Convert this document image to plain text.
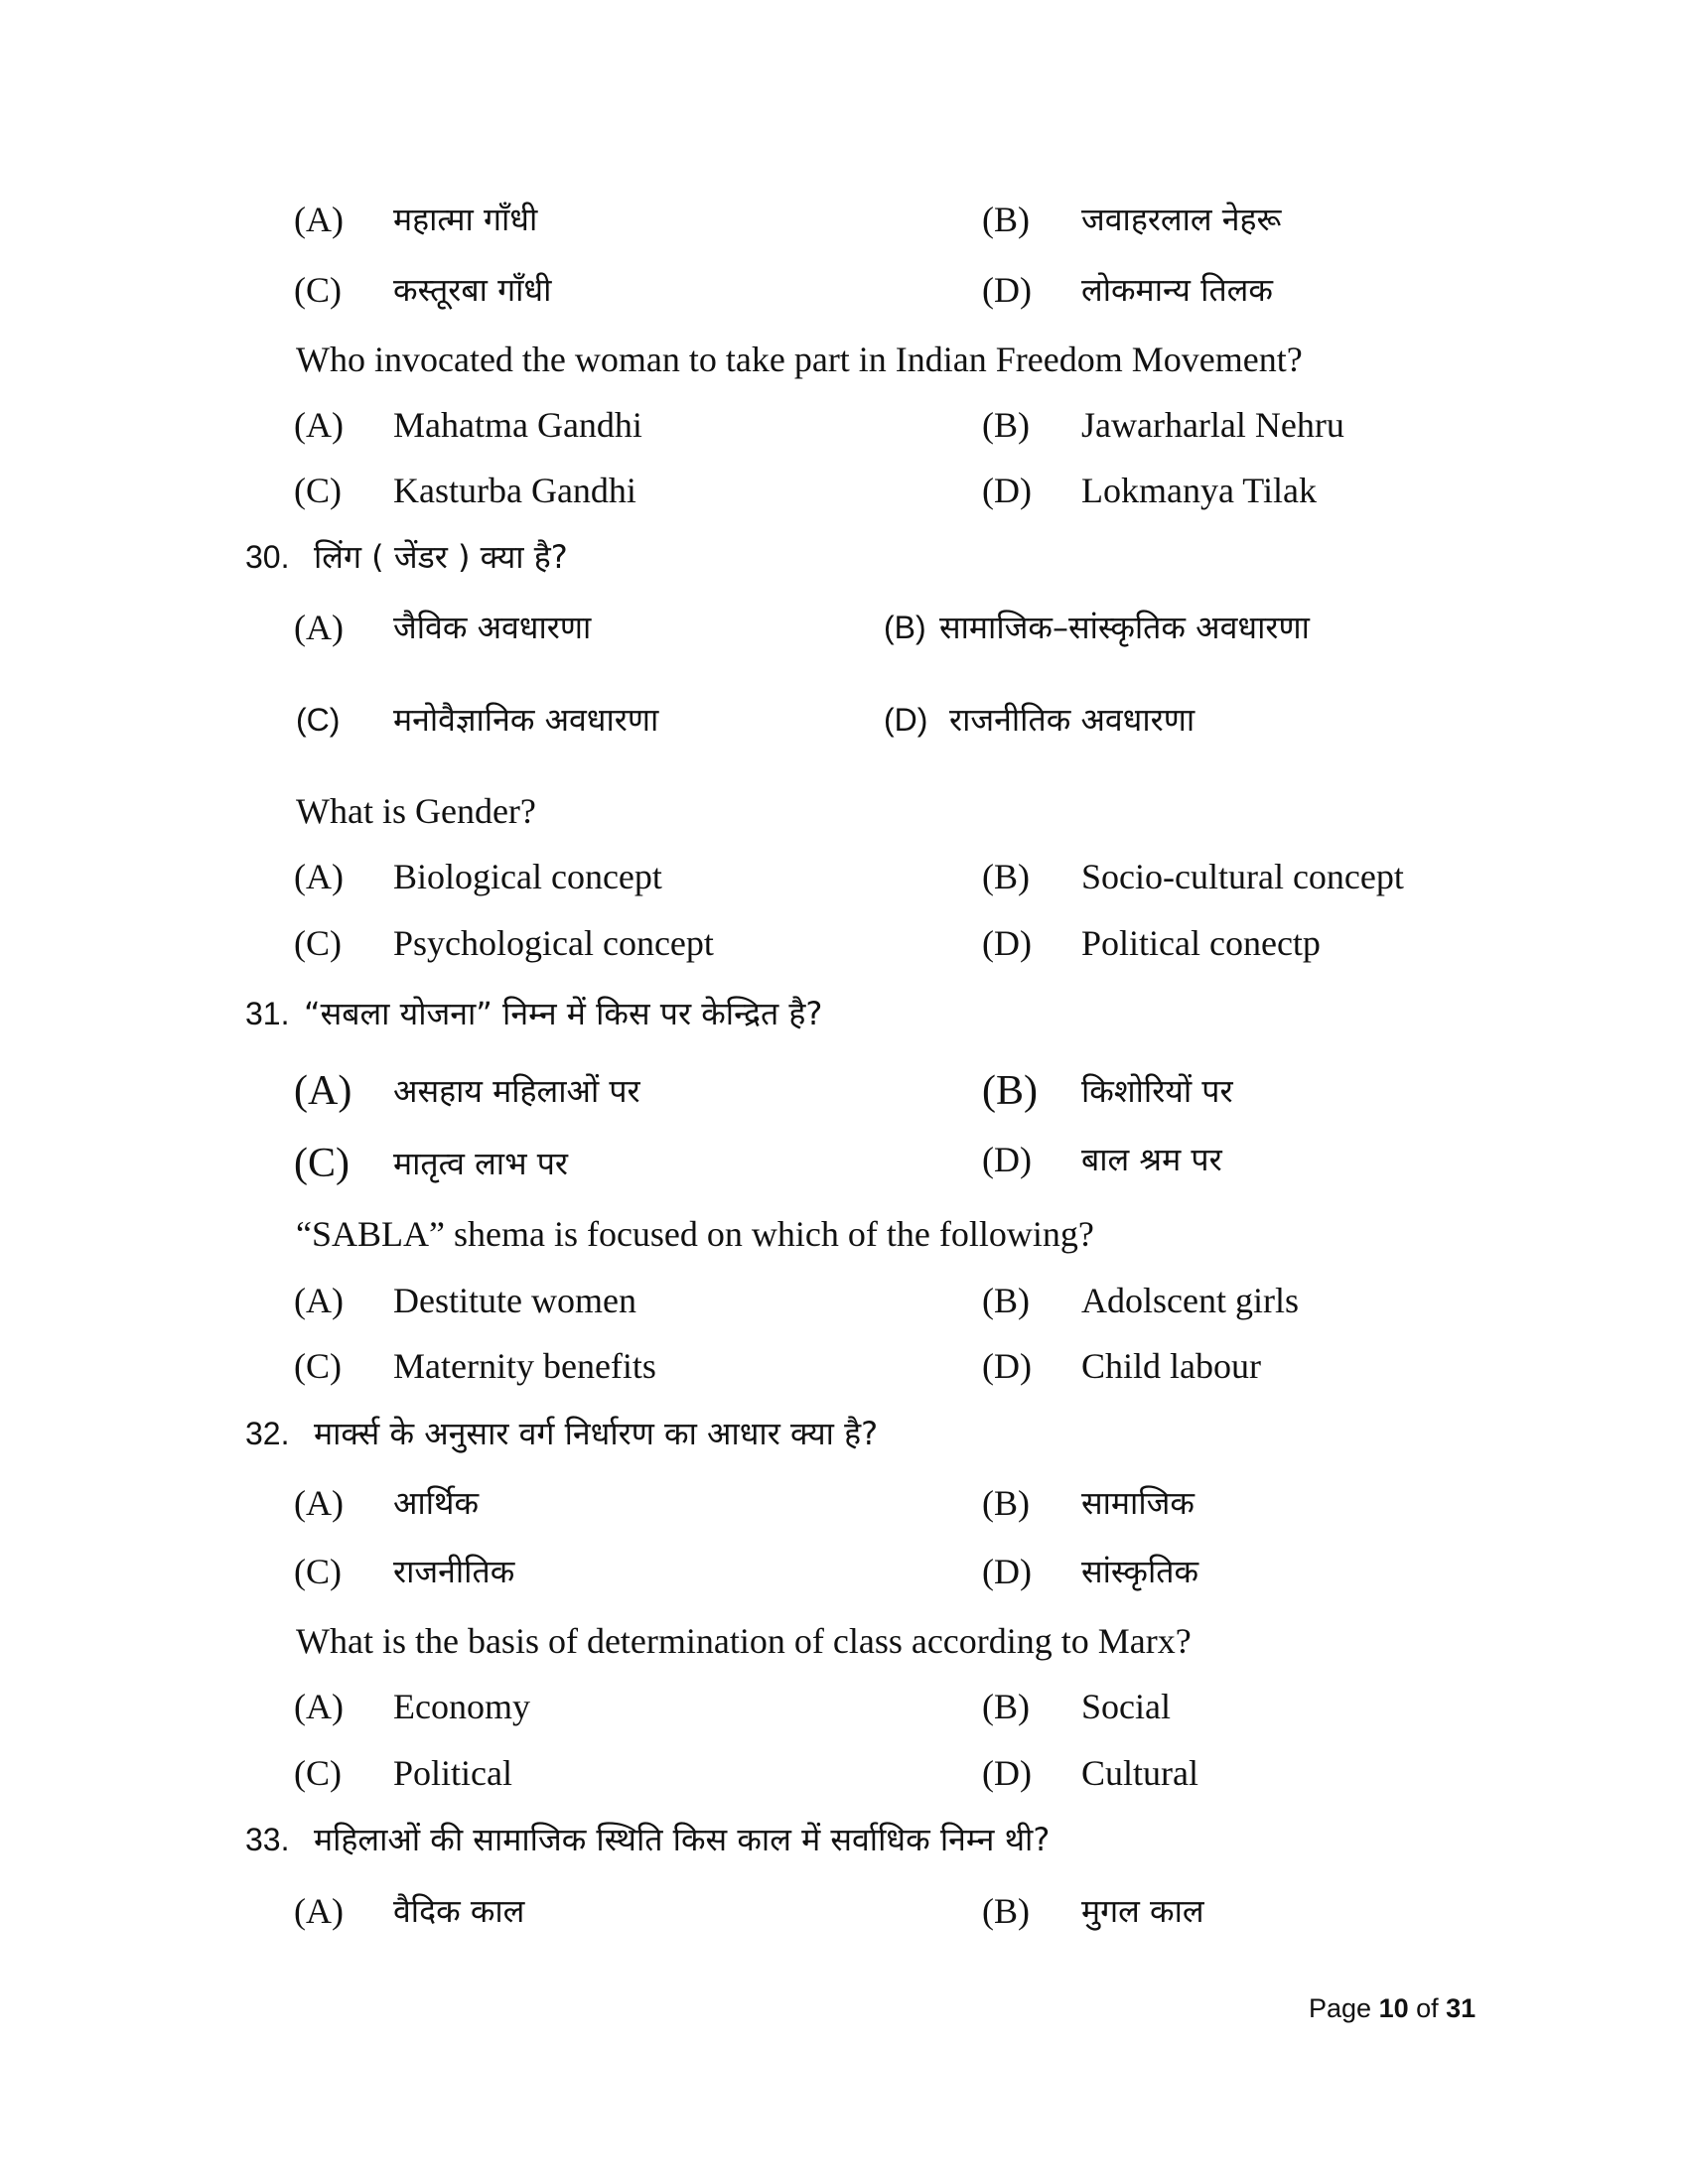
(A) महात्मा गाँधी	(B) जवाहरलाल नेहरू
(C) कस्तूरबा गाँधी	(D) लोकमान्य तिलक
Who invocated the woman to take part in Indian Freedom Movement?
(A) Mahatma Gandhi	(B) Jawarharlal Nehru
(C) Kasturba Gandhi	(D) Lokmanya Tilak
30. लिंग ( जेंडर ) क्या है?
(A) जैविक अवधारणा	(B) सामाजिक–सांस्कृतिक अवधारणा
(C) मनोवैज्ञानिक अवधारणा	(D) राजनीतिक अवधारणा
What is Gender?
(A) Biological concept	(B) Socio-cultural concept
(C) Psychological concept	(D) Political conectp
31. “सबला योजना” निम्न में किस पर केन्द्रित है?
(A) असहाय महिलाओं पर	(B) किशोरियों पर
(C) मातृत्व लाभ पर	(D) बाल श्रम पर
“SABLA” shema is focused on which of the following?
(A) Destitute women	(B) Adolscent girls
(C) Maternity benefits	(D) Child labour
32. मार्क्स के अनुसार वर्ग निर्धारण का आधार क्या है?
(A) आर्थिक	(B) सामाजिक
(C) राजनीतिक	(D) सांस्कृतिक
What is the basis of determination of class according to Marx?
(A) Economy	(B) Social
(C) Political	(D) Cultural
33. महिलाओं की सामाजिक स्थिति किस काल में सर्वाधिक निम्न थी?
(A) वैदिक काल	(B) मुगल काल
Page 10 of 31
